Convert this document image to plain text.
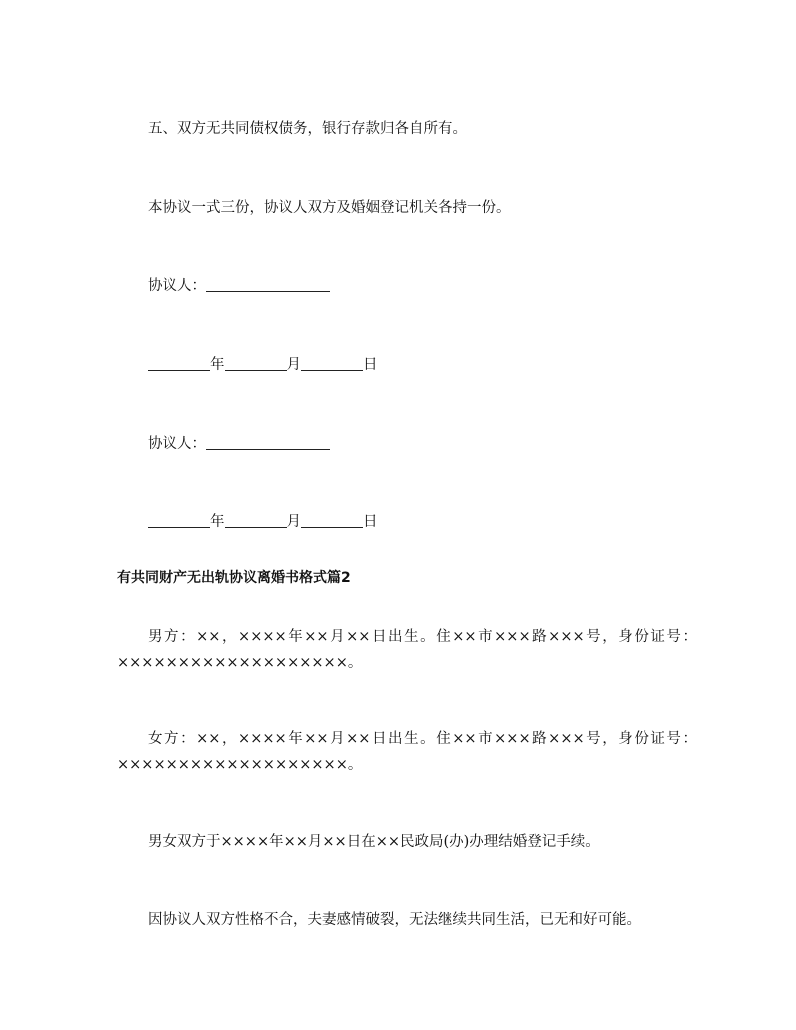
五、双方无共同债权债务，银行存款归各自所有。
本协议一式三份，协议人双方及婚姻登记机关各持一份。
协议人：
年	月	日
协议人：
年	月	日
有共同财产无出轨协议离婚书格式篇2
男方：××，××××年××月××日出生。住××市×××路×××号，身份证号：×××××××××××××××××××。
女方：××，××××年××月××日出生。住××市×××路×××号，身份证号：×××××××××××××××××××。
男女双方于××××年××月××日在××民政局(办)办理结婚登记手续。
因协议人双方性格不合，夫妻感情破裂，无法继续共同生活，已无和好可能。
